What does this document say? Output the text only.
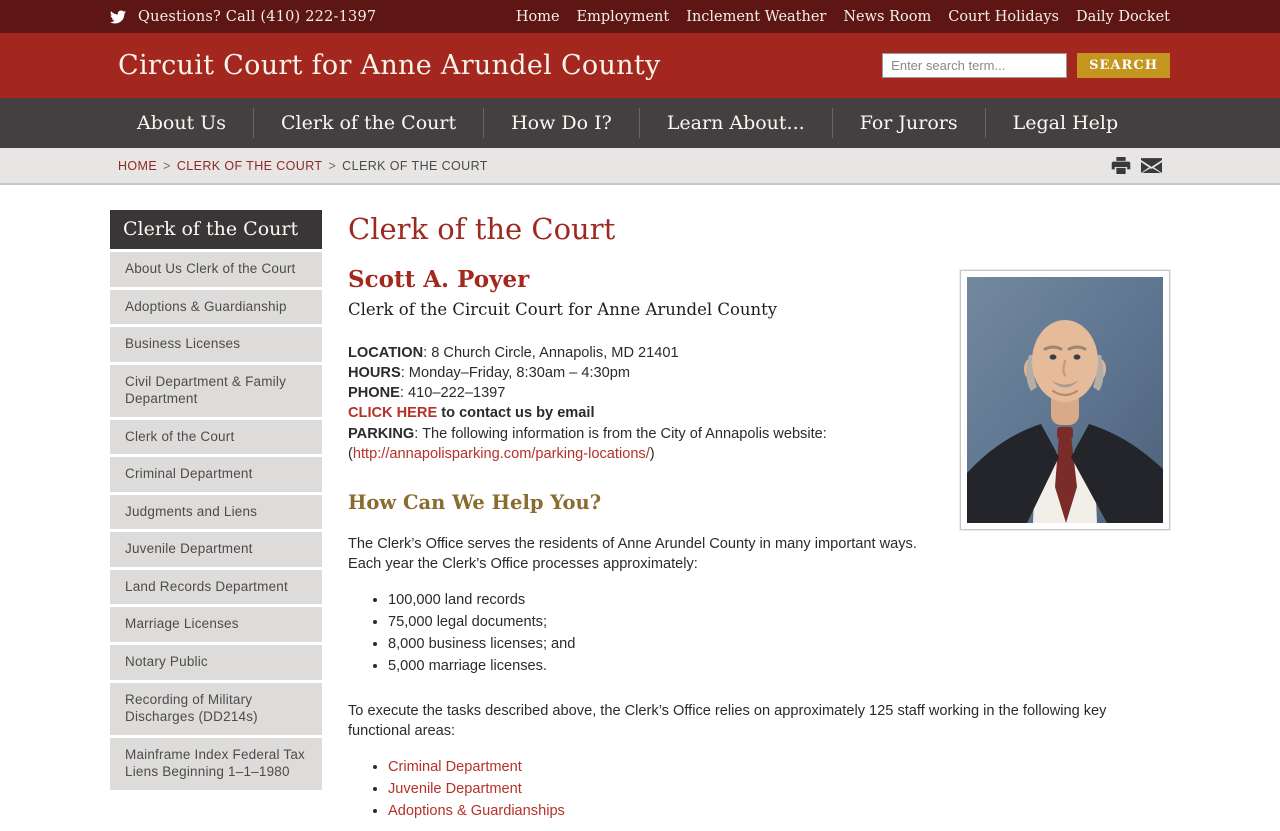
Questions? Call (410) 222-1397	Home Employment Inclement Weather News Room Court Holidays Daily Docket
Circuit Court for Anne Arundel County
Enter search term...	SEARCH
About Us	Clerk of the Court	How Do I?	Learn About...	For Jurors	Legal Help
HOME > CLERK OF THE COURT > CLERK OF THE COURT
Clerk of the Court
About Us Clerk of the Court
Adoptions & Guardianship
Business Licenses
Civil Department & Family Department
Clerk of the Court
Criminal Department
Judgments and Liens
Juvenile Department
Land Records Department
Marriage Licenses
Notary Public
Recording of Military Discharges (DD214s)
Mainframe Index Federal Tax Liens Beginning 1–1–1980
Clerk of the Court
Scott A. Poyer

Clerk of the Circuit Court for Anne Arundel County

LOCATION: 8 Church Circle, Annapolis, MD 21401
HOURS: Monday–Friday, 8:30am – 4:30pm
PHONE: 410–222–1397
CLICK HERE to contact us by email
PARKING: The following information is from the City of Annapolis website: (http://annapolisparking.com/parking-locations/)
How Can We Help You?

The Clerk’s Office serves the residents of Anne Arundel County in many important ways. Each year the Clerk’s Office processes approximately:

• 100,000 land records
• 75,000 legal documents;
• 8,000 business licenses; and
• 5,000 marriage licenses.

To execute the tasks described above, the Clerk’s Office relies on approximately 125 staff working in the following key functional areas:

• Criminal Department
• Juvenile Department
• Adoptions & Guardianships
